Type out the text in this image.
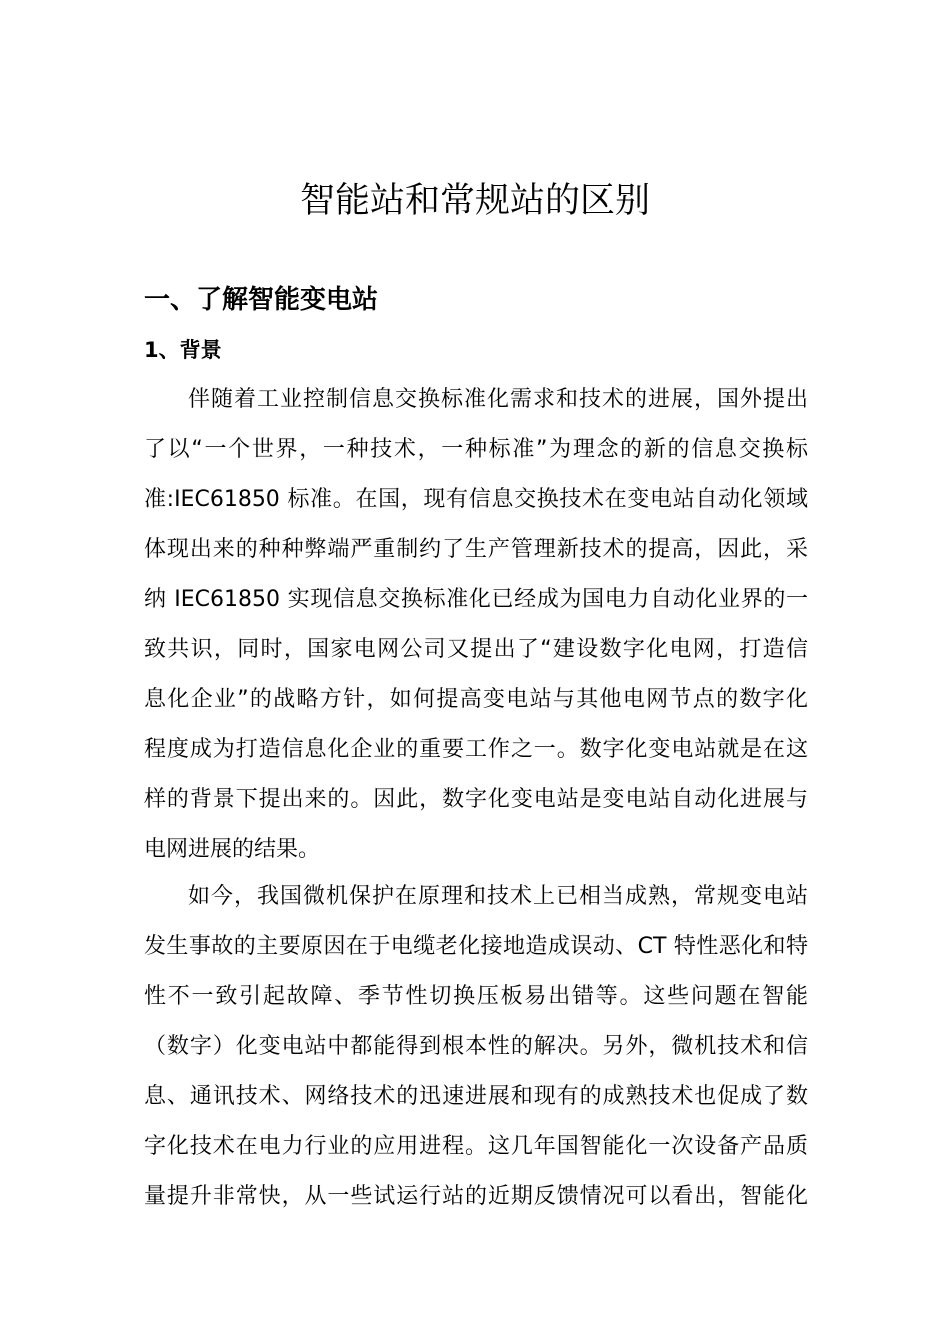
智能站和常规站的区别
一、了解智能变电站
1、背景
伴随着工业控制信息交换标准化需求和技术的进展，国外提出
了以“一个世界，一种技术，一种标准”为理念的新的信息交换标
准:IEC61850 标准。在国，现有信息交换技术在变电站自动化领域
体现出来的种种弊端严重制约了生产管理新技术的提高，因此，采
纳 IEC61850 实现信息交换标准化已经成为国电力自动化业界的一
致共识，同时，国家电网公司又提出了“建设数字化电网，打造信
息化企业”的战略方针，如何提高变电站与其他电网节点的数字化
程度成为打造信息化企业的重要工作之一。数字化变电站就是在这
样的背景下提出来的。因此，数字化变电站是变电站自动化进展与
电网进展的结果。
如今，我国微机保护在原理和技术上已相当成熟，常规变电站
发生事故的主要原因在于电缆老化接地造成误动、CT 特性恶化和特
性不一致引起故障、季节性切换压板易出错等。这些问题在智能
（数字）化变电站中都能得到根本性的解决。另外，微机技术和信
息、通讯技术、网络技术的迅速进展和现有的成熟技术也促成了数
字化技术在电力行业的应用进程。这几年国智能化一次设备产品质
量提升非常快，从一些试运行站的近期反馈情况可以看出，智能化
